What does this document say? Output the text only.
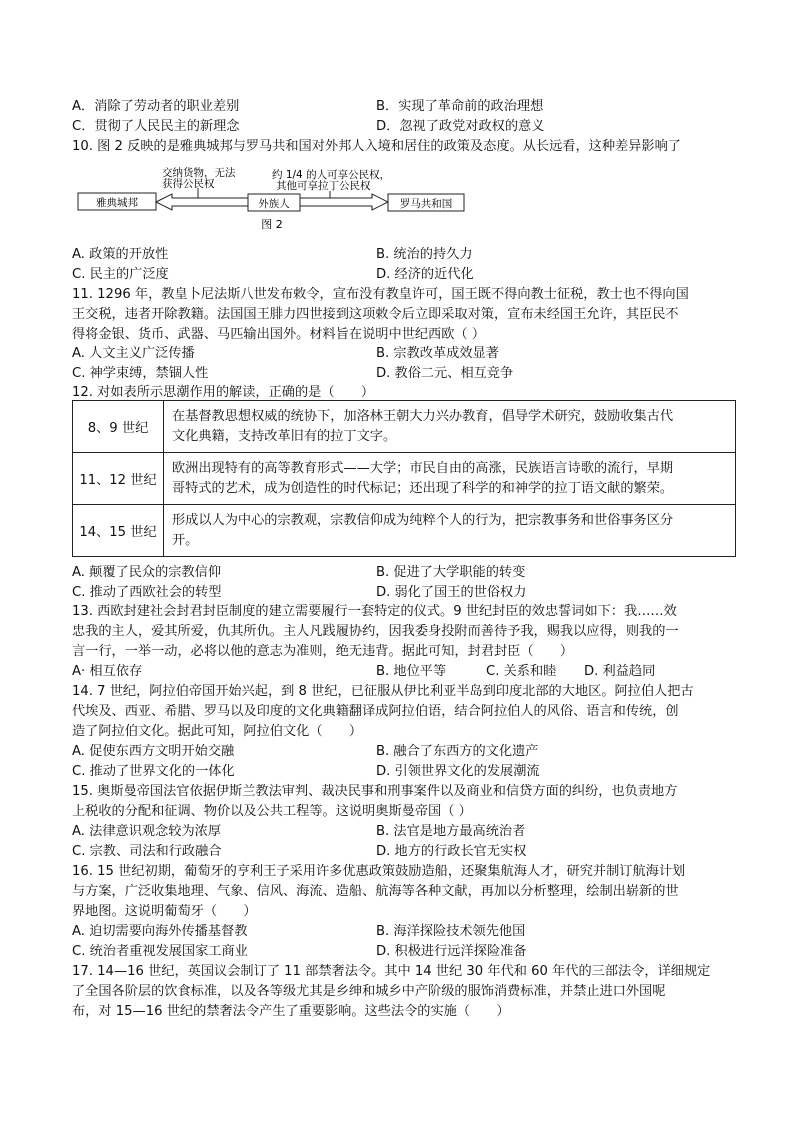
A．消除了劳动者的职业差别	B．实现了革命前的政治理想
C．贯彻了人民民主的新理念	D．忽视了政党对政权的意义
10. 图 2 反映的是雅典城邦与罗马共和国对外邦人入境和居住的政策及态度。从长远看，这种差异影响了
交纳货物，无法
获得公民权
约 1/4 的人可享公民权，
其他可享拉丁公民权
雅典城邦	外族人	罗马共和国
图 2
A. 政策的开放性	B. 统治的持久力
C. 民主的广泛度	D. 经济的近代化
11. 1296 年，教皇卜尼法斯八世发布敕令，宣布没有教皇许可，国王既不得向教士征税，教士也不得向国
王交税，违者开除教籍。法国国王腓力四世接到这项敕令后立即采取对策，宣布未经国王允许，其臣民不
得将金银、货币、武器、马匹输出国外。材料旨在说明中世纪西欧（ ）
A. 人文主义广泛传播	B. 宗教改革成效显著
C. 神学束缚，禁锢人性	D. 教俗二元、相互竞争
12. 对如表所示思潮作用的解读，正确的是（　　）
8、9 世纪	在基督教思想权威的统协下，加洛林王朝大力兴办教育，倡导学术研究，鼓励收集古代
文化典籍，支持改革旧有的拉丁文字。

11、12 世纪	欧洲出现特有的高等教育形式——大学；市民自由的高涨，民族语言诗歌的流行，早期
哥特式的艺术，成为创造性的时代标记；还出现了科学的和神学的拉丁语文献的繁荣。

14、15 世纪	形成以人为中心的宗教观，宗教信仰成为纯粹个人的行为，把宗教事务和世俗事务区分
开。
A. 颠覆了民众的宗教信仰	B. 促进了大学职能的转变
C. 推动了西欧社会的转型	D. 弱化了国王的世俗权力
13. 西欧封建社会封君封臣制度的建立需要履行一套特定的仪式。9 世纪封臣的效忠誓词如下：我……效
忠我的主人，爱其所爱，仇其所仇。主人凡践履协约，因我委身投附而善待予我，赐我以应得，则我的一
言一行，一举一动，必将以他的意志为准则，绝无违背。据此可知，封君封臣（　　）
A· 相互依存	B. 地位平等	C. 关系和睦 D. 利益趋同
14. 7 世纪，阿拉伯帝国开始兴起，到 8 世纪，已征服从伊比利亚半岛到印度北部的大地区。阿拉伯人把古
代埃及、西亚、希腊、罗马以及印度的文化典籍翻译成阿拉伯语，结合阿拉伯人的风俗、语言和传统，创
造了阿拉伯文化。据此可知，阿拉伯文化（　　）
A. 促使东西方文明开始交融	B. 融合了东西方的文化遗产
C. 推动了世界文化的一体化	D. 引领世界文化的发展潮流
15. 奥斯曼帝国法官依据伊斯兰教法审判、裁决民事和刑事案件以及商业和信贷方面的纠纷，也负责地方
上税收的分配和征调、物价以及公共工程等。这说明奥斯曼帝国（ ）
A. 法律意识观念较为浓厚	B. 法官是地方最高统治者
C. 宗教、司法和行政融合	D. 地方的行政长官无实权
16. 15 世纪初期，葡萄牙的亨利王子采用许多优惠政策鼓励造船，还聚集航海人才，研究并制订航海计划
与方案，广泛收集地理、气象、信风、海流、造船、航海等各种文献，再加以分析整理，绘制出崭新的世
界地图。这说明葡萄牙（　　）
A. 迫切需要向海外传播基督教	B. 海洋探险技术领先他国
C. 统治者重视发展国家工商业	D. 积极进行远洋探险准备
17. 14—16 世纪，英国议会制订了 11 部禁奢法令。其中 14 世纪 30 年代和 60 年代的三部法令，详细规定
了全国各阶层的饮食标准，以及各等级尤其是乡绅和城乡中产阶级的服饰消费标准，并禁止进口外国呢
布，对 15—16 世纪的禁奢法令产生了重要影响。这些法令的实施（　　）
